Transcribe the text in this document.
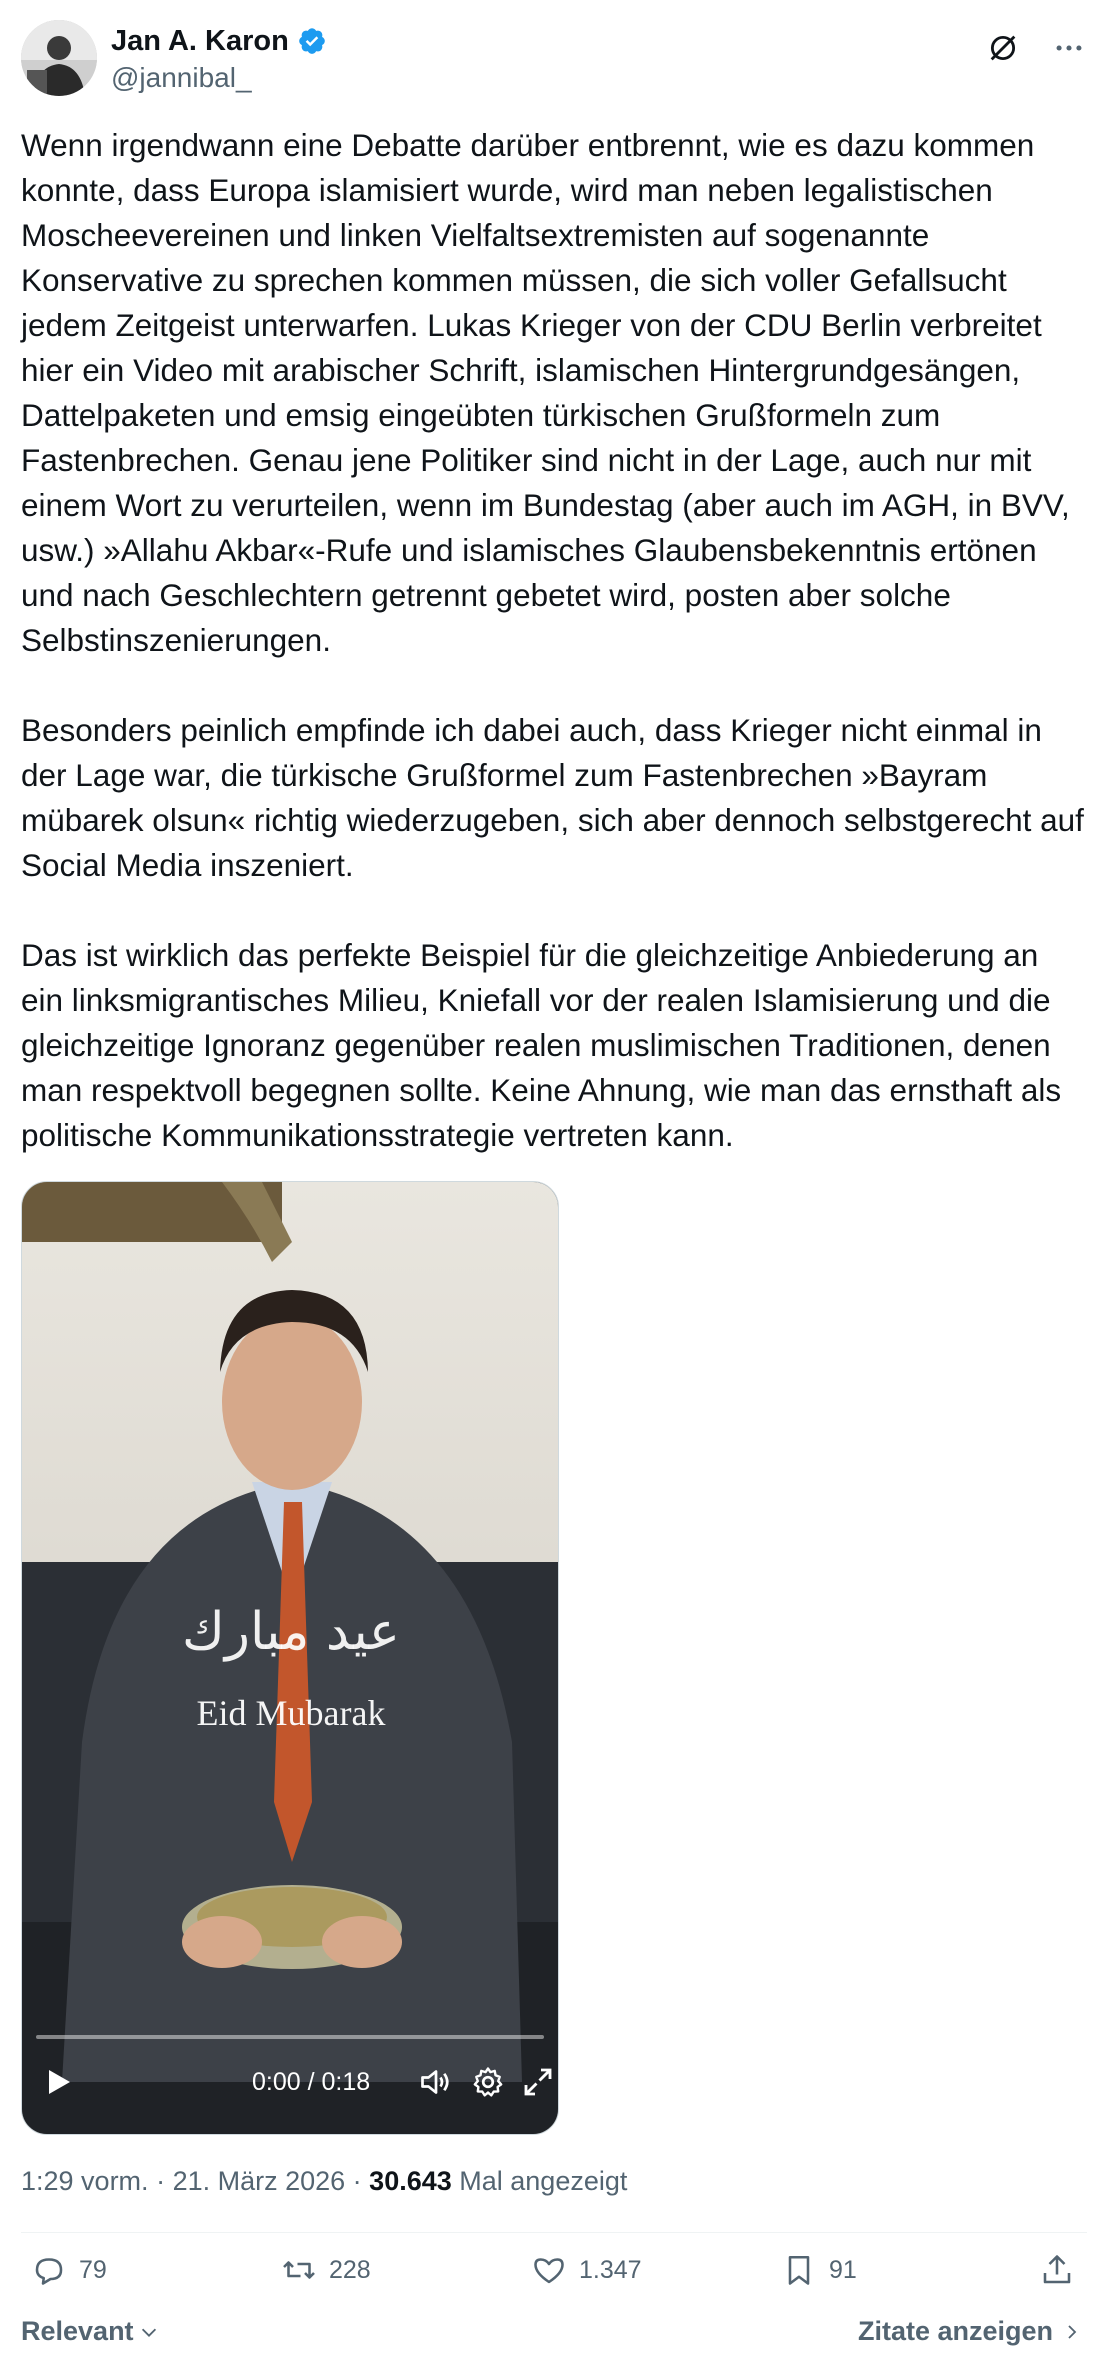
Jan A. Karon
@jannibal_

Wenn irgendwann eine Debatte darüber entbrennt, wie es dazu kommen konnte, dass Europa islamisiert wurde, wird man neben legalistischen Moscheevereinen und linken Vielfaltsextremisten auf sogenannte Konservative zu sprechen kommen müssen, die sich voller Gefallsucht jedem Zeitgeist unterwarfen. Lukas Krieger von der CDU Berlin verbreitet hier ein Video mit arabischer Schrift, islamischen Hintergrundgesängen, Dattelpaketen und emsig eingeübten türkischen Grußformeln zum Fastenbrechen. Genau jene Politiker sind nicht in der Lage, auch nur mit einem Wort zu verurteilen, wenn im Bundestag (aber auch im AGH, in BVV, usw.) »Allahu Akbar«-Rufe und islamisches Glaubensbekenntnis ertönen und nach Geschlechtern getrennt gebetet wird, posten aber solche Selbstinszenierungen.

Besonders peinlich empfinde ich dabei auch, dass Krieger nicht einmal in der Lage war, die türkische Grußformel zum Fastenbrechen »Bayram mübarek olsun« richtig wiederzugeben, sich aber dennoch selbstgerecht auf Social Media inszeniert.

Das ist wirklich das perfekte Beispiel für die gleichzeitige Anbiederung an ein linksmigrantisches Milieu, Kniefall vor der realen Islamisierung und die gleichzeitige Ignoranz gegenüber realen muslimischen Traditionen, denen man respektvoll begegnen sollte. Keine Ahnung, wie man das ernsthaft als politische Kommunikationsstrategie vertreten kann.

عيد مبارك
Eid Mubarak
0:00 / 0:18
1:29 vorm. · 21. März 2026 · 30.643 Mal angezeigt
79	228	1.347	91
Relevant	Zitate anzeigen
